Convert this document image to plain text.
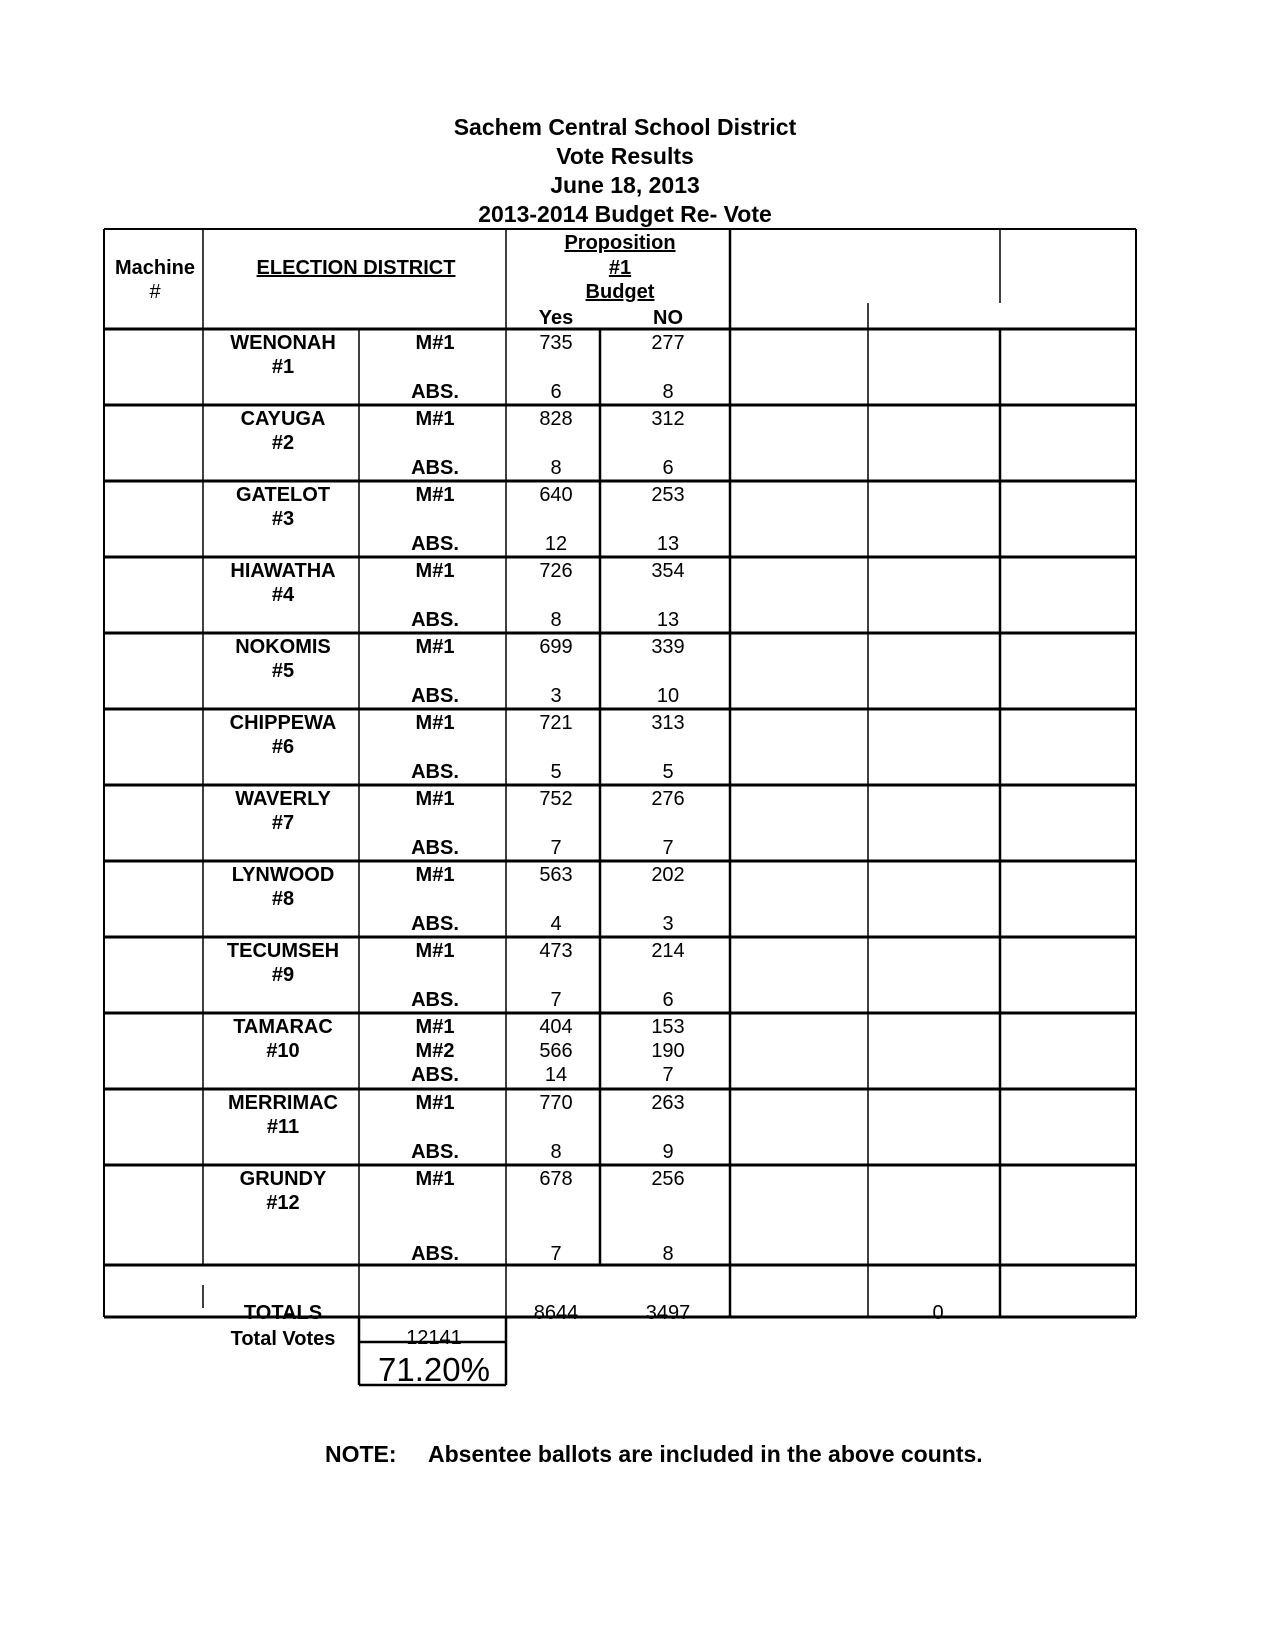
Sachem Central School District
Vote Results
June 18, 2013
2013-2014 Budget Re- Vote
Machine
#
ELECTION DISTRICT
Proposition
#1
Budget
Yes	NO
WENONAH
#1
M#1	735	277
ABS.	6	8
CAYUGA
#2
M#1	828	312
ABS.	8	6
GATELOT
#3
M#1	640	253
ABS.	12	13
HIAWATHA
#4
M#1	726	354
ABS.	8	13
NOKOMIS
#5
M#1	699	339
ABS.	3	10
CHIPPEWA
#6
M#1	721	313
ABS.	5	5
WAVERLY
#7
M#1	752	276
ABS.	7	7
LYNWOOD
#8
M#1	563	202
ABS.	4	3
TECUMSEH
#9
M#1	473	214
ABS.	7	6
TAMARAC
#10
M#1	404	153
M#2	566	190
ABS.	14	7
MERRIMAC
#11
M#1	770	263
ABS.	8	9
GRUNDY
#12
M#1	678	256
ABS.	7	8
TOTALS	8644	3497	0
Total Votes	12141
71.20%
NOTE: Absentee ballots are included in the above counts.
